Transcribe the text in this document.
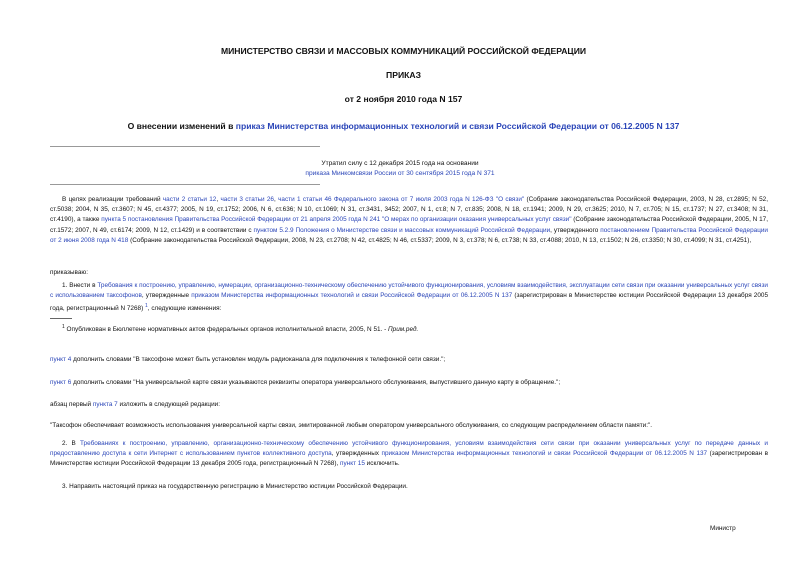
МИНИСТЕРСТВО СВЯЗИ И МАССОВЫХ КОММУНИКАЦИЙ РОССИЙСКОЙ ФЕДЕРАЦИИ
ПРИКАЗ
от 2 ноября 2010 года N 157
О внесении изменений в приказ Министерства информационных технологий и связи Российской Федерации от 06.12.2005 N 137
Утратил силу с 12 декабря 2015 года на основании
приказа Минкомсвязи России от 30 сентября 2015 года N 371
В целях реализации требований части 2 статьи 12, части 3 статьи 26, части 1 статьи 46 Федерального закона от 7 июля 2003 года N 126-ФЗ "О связи" (Собрание законодательства Российской Федерации, 2003, N 28, ст.2895; N 52, ст.5038; 2004, N 35, ст.3607; N 45, ст.4377; 2005, N 19, ст.1752; 2006, N 6, ст.636; N 10, ст.1069; N 31, ст.3431, 3452; 2007, N 1, ст.8; N 7, ст.835; 2008, N 18, ст.1941; 2009, N 29, ст.3625; 2010, N 7, ст.705; N 15, ст.1737; N 27, ст.3408; N 31, ст.4190), а также пункта 5 постановления Правительства Российской Федерации от 21 апреля 2005 года N 241 "О мерах по организации оказания универсальных услуг связи" (Собрание законодательства Российской Федерации, 2005, N 17, ст.1572; 2007, N 49, ст.6174; 2009, N 12, ст.1429) и в соответствии с пунктом 5.2.9 Положения о Министерстве связи и массовых коммуникаций Российской Федерации, утвержденного постановлением Правительства Российской Федерации от 2 июня 2008 года N 418 (Собрание законодательства Российской Федерации, 2008, N 23, ст.2708; N 42, ст.4825; N 46, ст.5337; 2009, N 3, ст.378; N 6, ст.738; N 33, ст.4088; 2010, N 13, ст.1502; N 26, ст.3350; N 30, ст.4099; N 31, ст.4251),
приказываю:
1. Внести в Требования к построению, управлению, нумерации, организационно-техническому обеспечению устойчивого функционирования, условиям взаимодействия, эксплуатации сети связи при оказании универсальных услуг связи с использованием таксофонов, утвержденные приказом Министерства информационных технологий и связи Российской Федерации от 06.12.2005 N 137 (зарегистрирован в Министерстве юстиции Российской Федерации 13 декабря 2005 года, регистрационный N 7268) $^1$, следующие изменения:
$^1$ Опубликован в Бюллетене нормативных актов федеральных органов исполнительной власти, 2005, N 51. - Прим.ред.
пункт 4 дополнить словами "В таксофоне может быть установлен модуль радиоканала для подключения к телефонной сети связи.";
пункт 6 дополнить словами "На универсальной карте связи указываются реквизиты оператора универсального обслуживания, выпустившего данную карту в обращение.";
абзац первый пункта 7 изложить в следующей редакции:
"Таксофон обеспечивает возможность использования универсальной карты связи, эмитированной любым оператором универсального обслуживания, со следующим распределением области памяти:".
2. В Требованиях к построению, управлению, организационно-техническому обеспечению устойчивого функционирования, условиям взаимодействия сети связи при оказании универсальных услуг по передаче данных и предоставлению доступа к сети Интернет с использованием пунктов коллективного доступа, утвержденных приказом Министерства информационных технологий и связи Российской Федерации от 06.12.2005 N 137 (зарегистрирован в Министерстве юстиции Российской Федерации 13 декабря 2005 года, регистрационный N 7268), пункт 15 исключить.
3. Направить настоящий приказ на государственную регистрацию в Министерство юстиции Российской Федерации.
Министр
